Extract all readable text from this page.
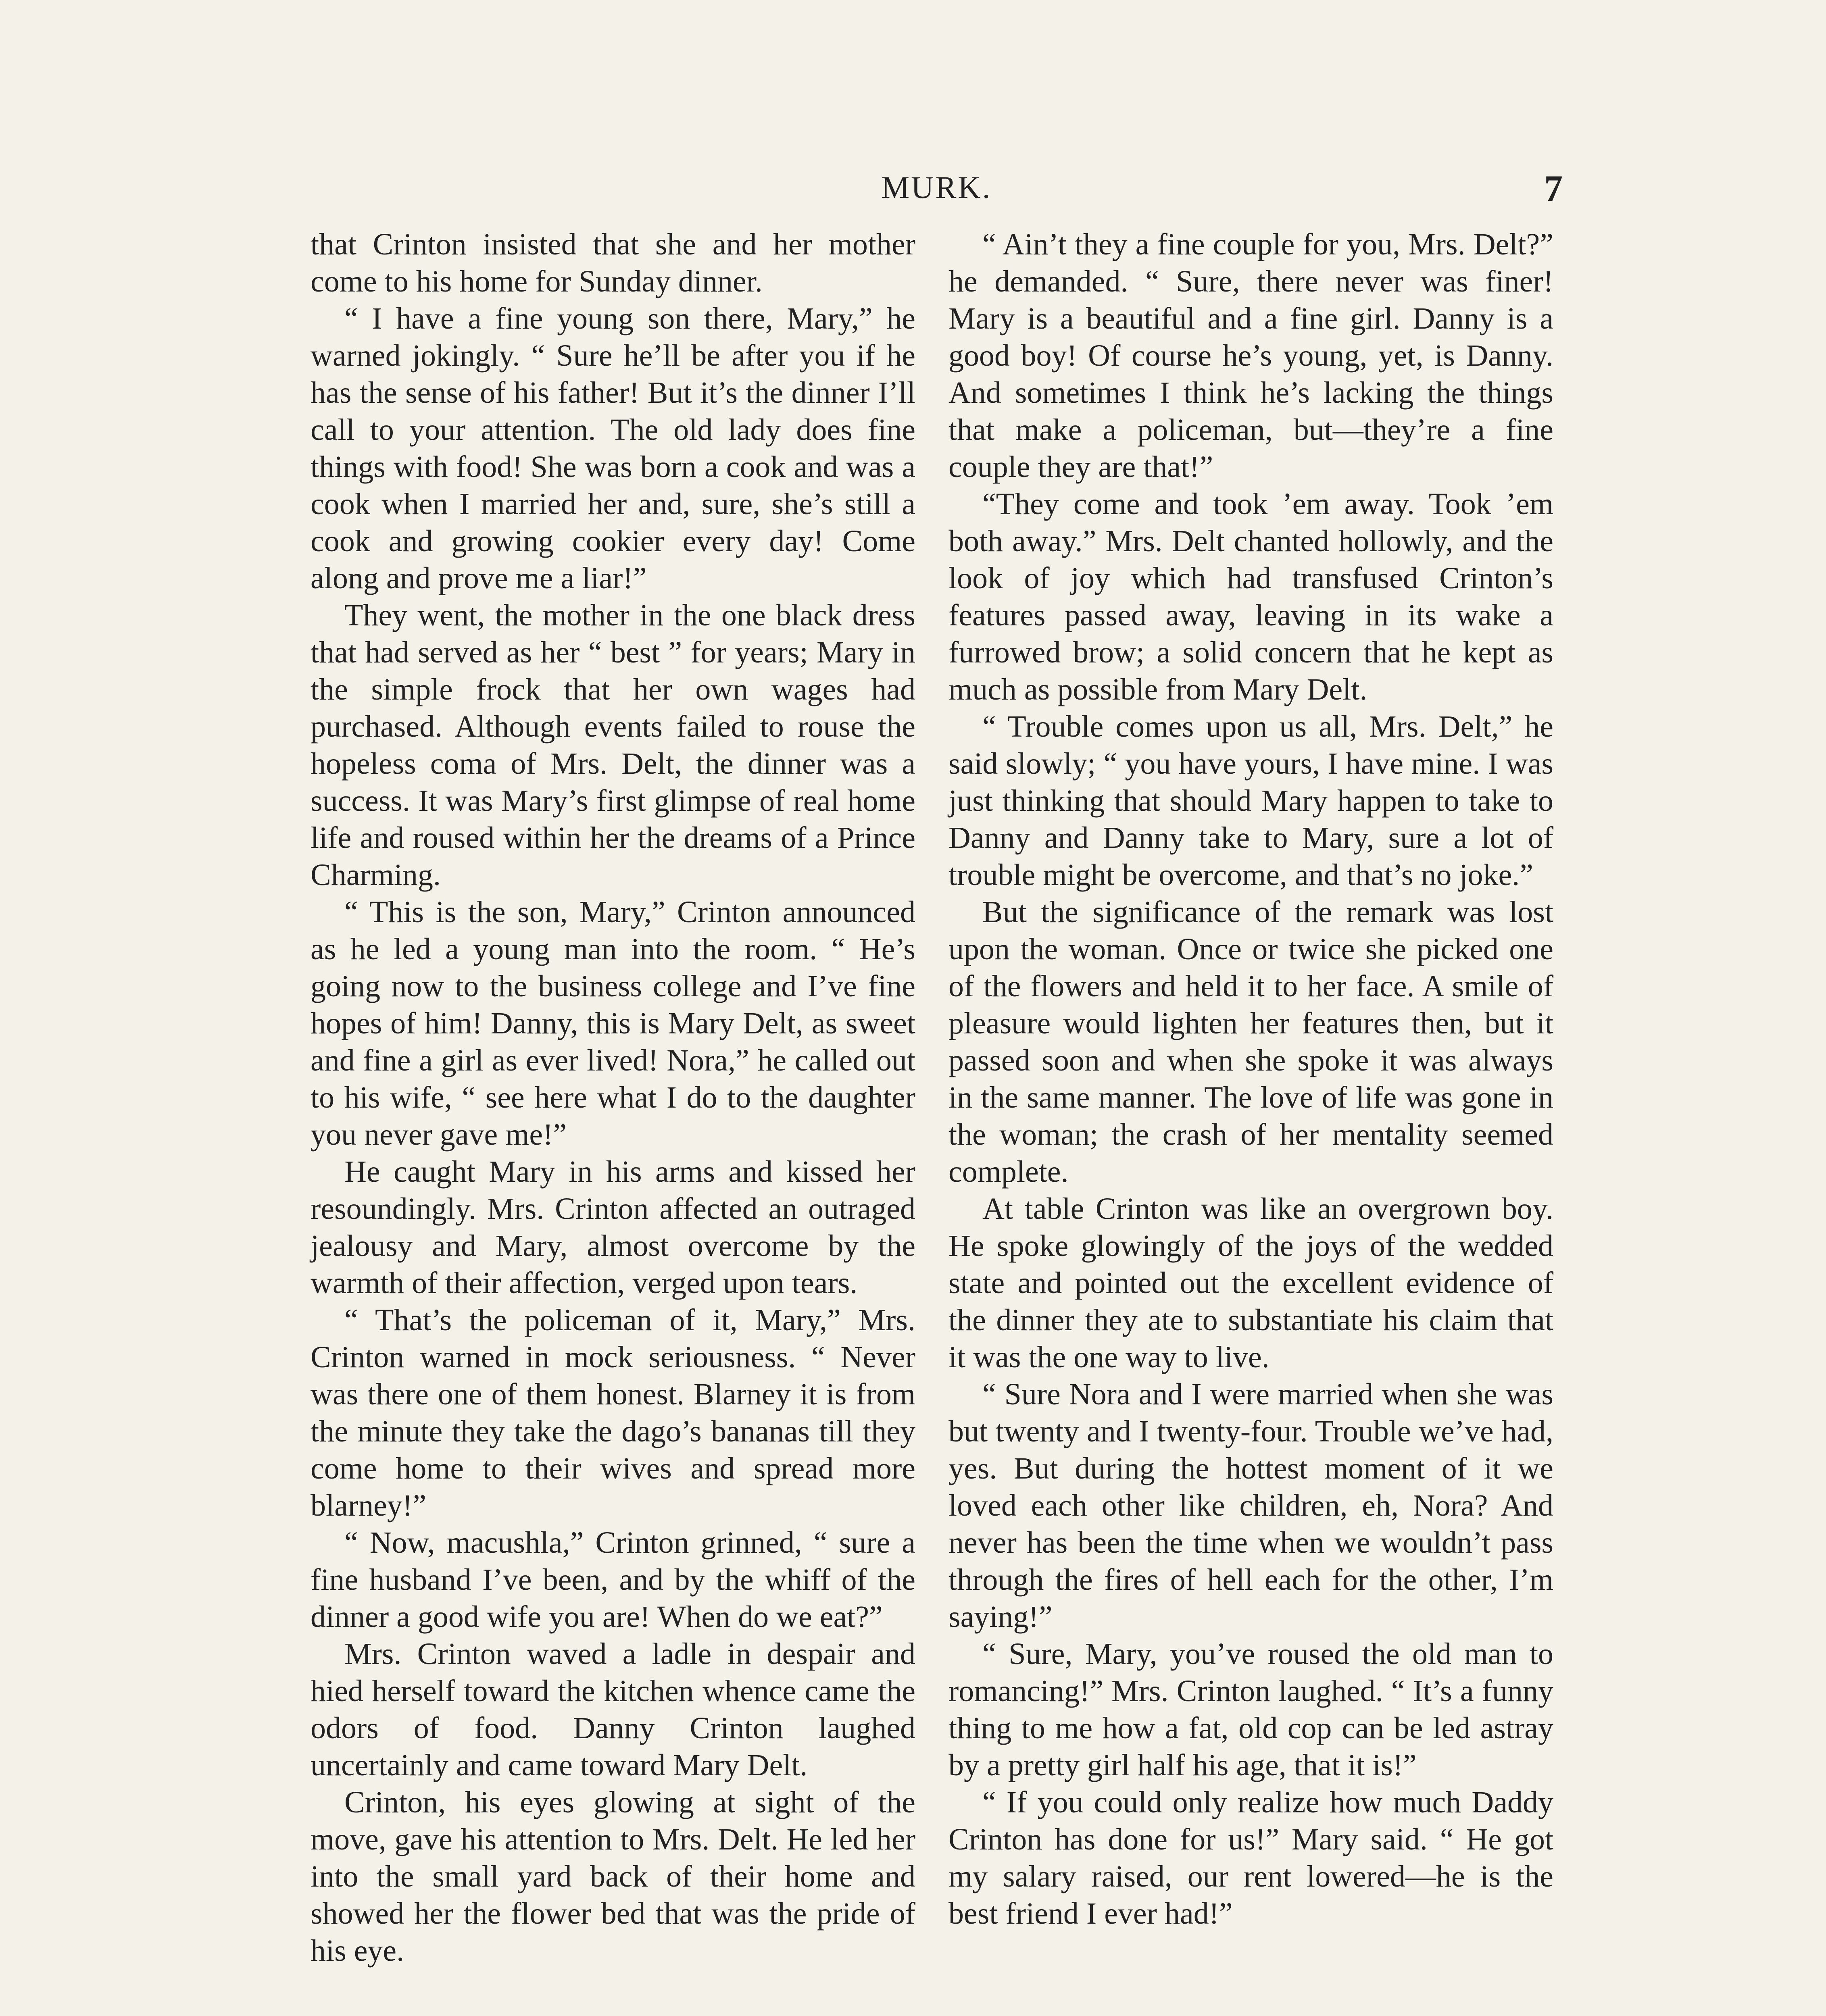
MURK.	7

that Crinton insisted that she and her mother come to his home for Sunday dinner.

“ I have a fine young son there, Mary,” he warned jokingly. “ Sure he’ll be after you if he has the sense of his father! But it’s the dinner I’ll call to your attention. The old lady does fine things with food! She was born a cook and was a cook when I married her and, sure, she’s still a cook and growing cookier every day! Come along and prove me a liar!”

They went, the mother in the one black dress that had served as her “ best ” for years; Mary in the simple frock that her own wages had purchased. Although events failed to rouse the hopeless coma of Mrs. Delt, the dinner was a success. It was Mary’s first glimpse of real home life and roused within her the dreams of a Prince Charming.

“ This is the son, Mary,” Crinton announced as he led a young man into the room. “ He’s going now to the business college and I’ve fine hopes of him! Danny, this is Mary Delt, as sweet and fine a girl as ever lived! Nora,” he called out to his wife, “ see here what I do to the daughter you never gave me!”

He caught Mary in his arms and kissed her resoundingly. Mrs. Crinton affected an outraged jealousy and Mary, almost overcome by the warmth of their affection, verged upon tears.

“ That’s the policeman of it, Mary,” Mrs. Crinton warned in mock seriousness. “ Never was there one of them honest. Blarney it is from the minute they take the dago’s bananas till they come home to their wives and spread more blarney!”

“ Now, macushla,” Crinton grinned, “ sure a fine husband I’ve been, and by the whiff of the dinner a good wife you are! When do we eat?”

Mrs. Crinton waved a ladle in despair and hied herself toward the kitchen whence came the odors of food. Danny Crinton laughed uncertainly and came toward Mary Delt.

Crinton, his eyes glowing at sight of the move, gave his attention to Mrs. Delt. He led her into the small yard back of their home and showed her the flower bed that was the pride of his eye.

“ Ain’t they a fine couple for you, Mrs. Delt?” he demanded. “ Sure, there never was finer! Mary is a beautiful and a fine girl. Danny is a good boy! Of course he’s young, yet, is Danny. And sometimes I think he’s lacking the things that make a policeman, but—they’re a fine couple they are that!”

“They come and took ’em away. Took ’em both away.” Mrs. Delt chanted hollowly, and the look of joy which had transfused Crinton’s features passed away, leaving in its wake a furrowed brow; a solid concern that he kept as much as possible from Mary Delt.

“ Trouble comes upon us all, Mrs. Delt,” he said slowly; “ you have yours, I have mine. I was just thinking that should Mary happen to take to Danny and Danny take to Mary, sure a lot of trouble might be overcome, and that’s no joke.”

But the significance of the remark was lost upon the woman. Once or twice she picked one of the flowers and held it to her face. A smile of pleasure would lighten her features then, but it passed soon and when she spoke it was always in the same manner. The love of life was gone in the woman; the crash of her mentality seemed complete.

At table Crinton was like an overgrown boy. He spoke glowingly of the joys of the wedded state and pointed out the excellent evidence of the dinner they ate to substantiate his claim that it was the one way to live.

“ Sure Nora and I were married when she was but twenty and I twenty-four. Trouble we’ve had, yes. But during the hottest moment of it we loved each other like children, eh, Nora? And never has been the time when we wouldn’t pass through the fires of hell each for the other, I’m saying!”

“ Sure, Mary, you’ve roused the old man to romancing!” Mrs. Crinton laughed. “ It’s a funny thing to me how a fat, old cop can be led astray by a pretty girl half his age, that it is!”

“ If you could only realize how much Daddy Crinton has done for us!” Mary said. “ He got my salary raised, our rent lowered—he is the best friend I ever had!”
